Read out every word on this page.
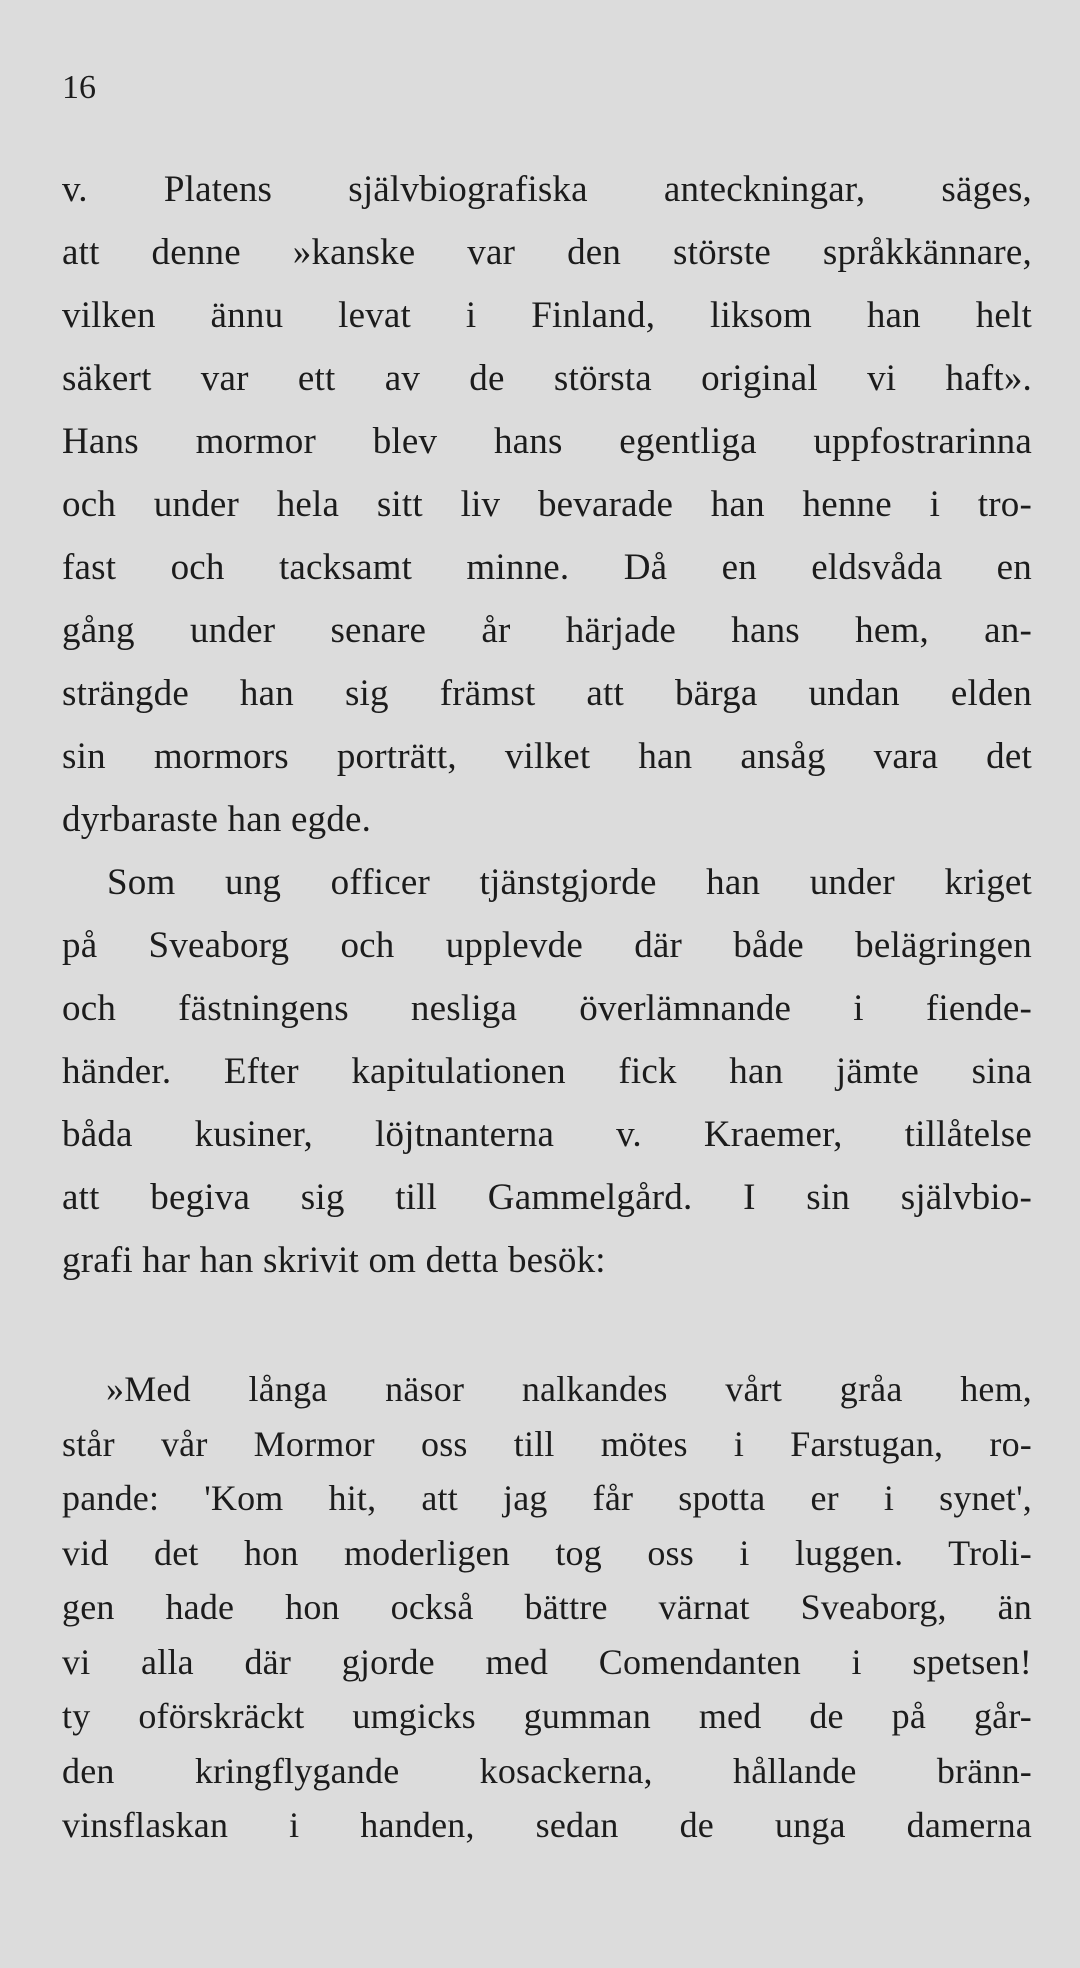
16
v. Platens självbiografiska anteckningar, säges,
att denne »kanske var den störste språkkännare,
vilken ännu levat i Finland, liksom han helt
säkert var ett av de största original vi haft».
Hans mormor blev hans egentliga uppfostrarinna
och under hela sitt liv bevarade han henne i tro-
fast och tacksamt minne. Då en eldsvåda en
gång under senare år härjade hans hem, an-
strängde han sig främst att bärga undan elden
sin mormors porträtt, vilket han ansåg vara det
dyrbaraste han egde.
Som ung officer tjänstgjorde han under kriget
på Sveaborg och upplevde där både belägringen
och fästningens nesliga överlämnande i fiende-
händer. Efter kapitulationen fick han jämte sina
båda kusiner, löjtnanterna v. Kraemer, tillåtelse
att begiva sig till Gammelgård. I sin självbio-
grafi har han skrivit om detta besök:
»Med långa näsor nalkandes vårt gråa hem,
står vår Mormor oss till mötes i Farstugan, ro-
pande: 'Kom hit, att jag får spotta er i synet',
vid det hon moderligen tog oss i luggen. Troli-
gen hade hon också bättre värnat Sveaborg, än
vi alla där gjorde med Comendanten i spetsen!
ty oförskräckt umgicks gumman med de på går-
den kringflygande kosackerna, hållande bränn-
vinsflaskan i handen, sedan de unga damerna
